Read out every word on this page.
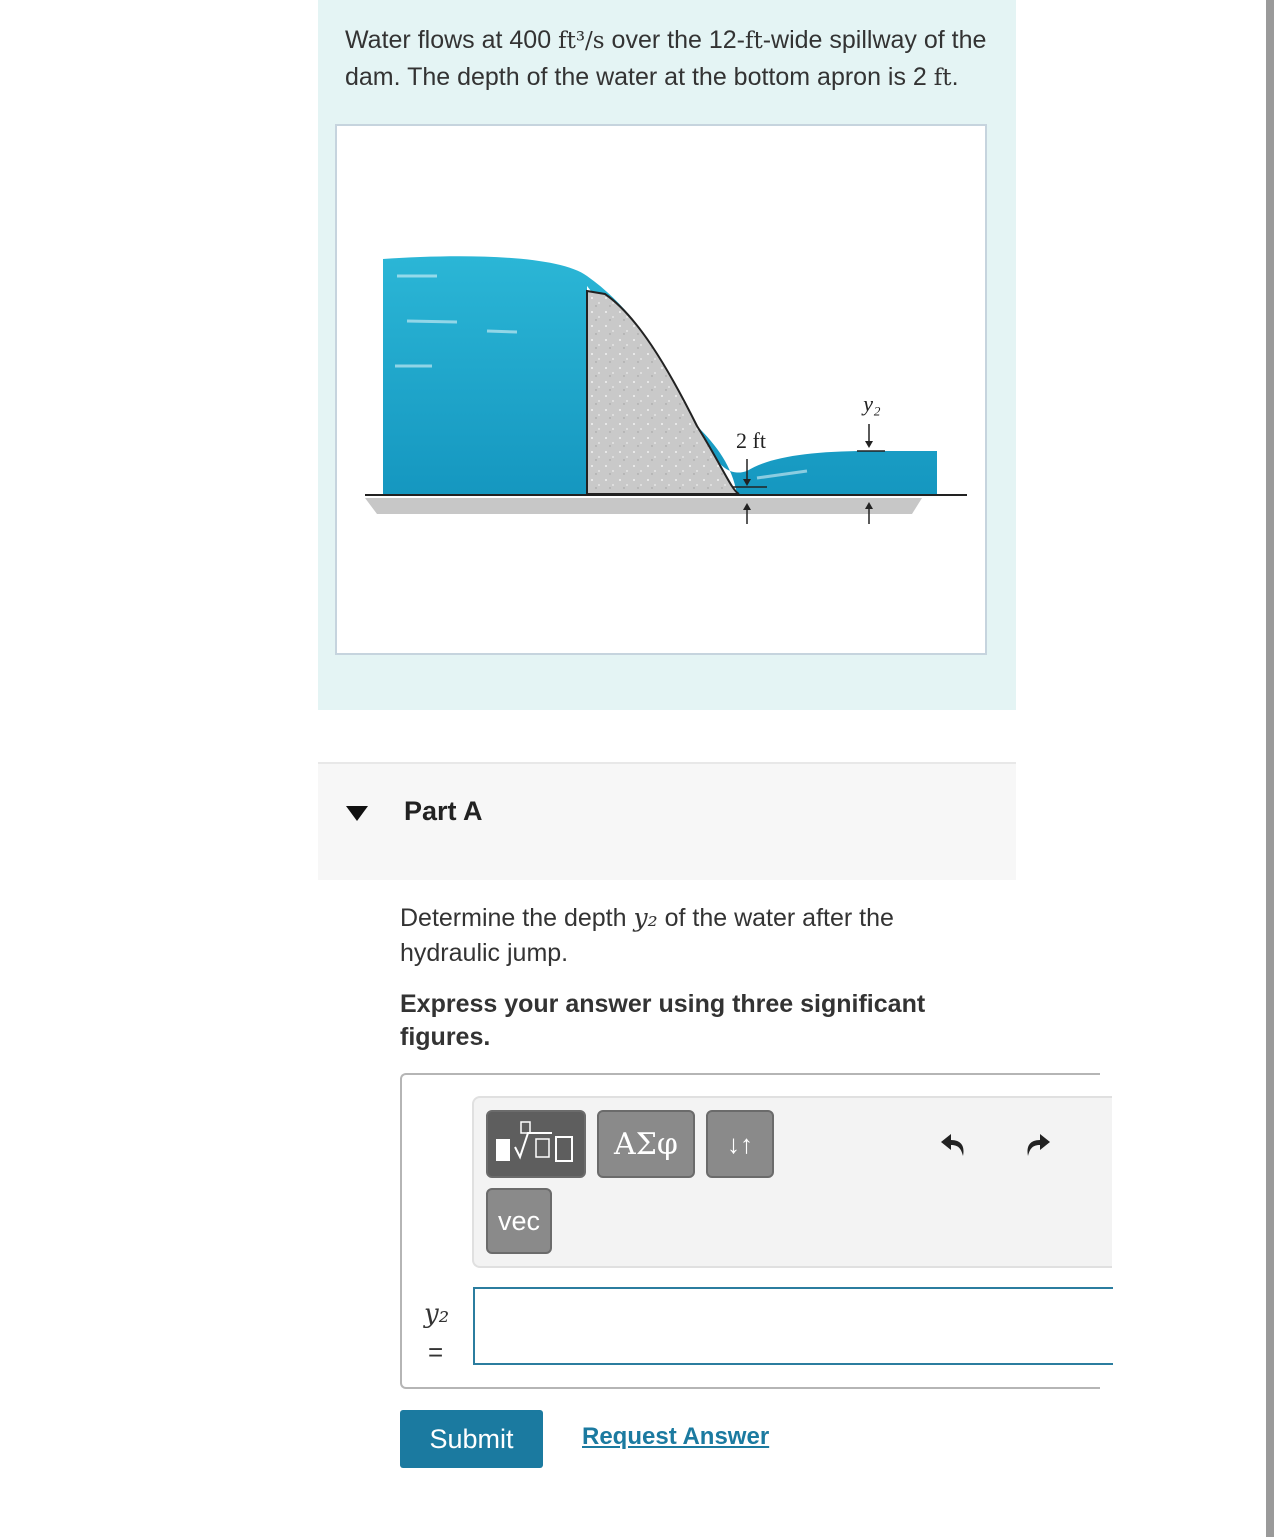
Water flows at 400 ft³/s over the 12-ft-wide spillway of the dam. The depth of the water at the bottom apron is 2 ft.
2 ft
y₂
Part A
Determine the depth y₂ of the water after the hydraulic jump.
Express your answer using three significant figures.
ΑΣφ	↓↑
vec
y₂
=
Submit	Request Answer
